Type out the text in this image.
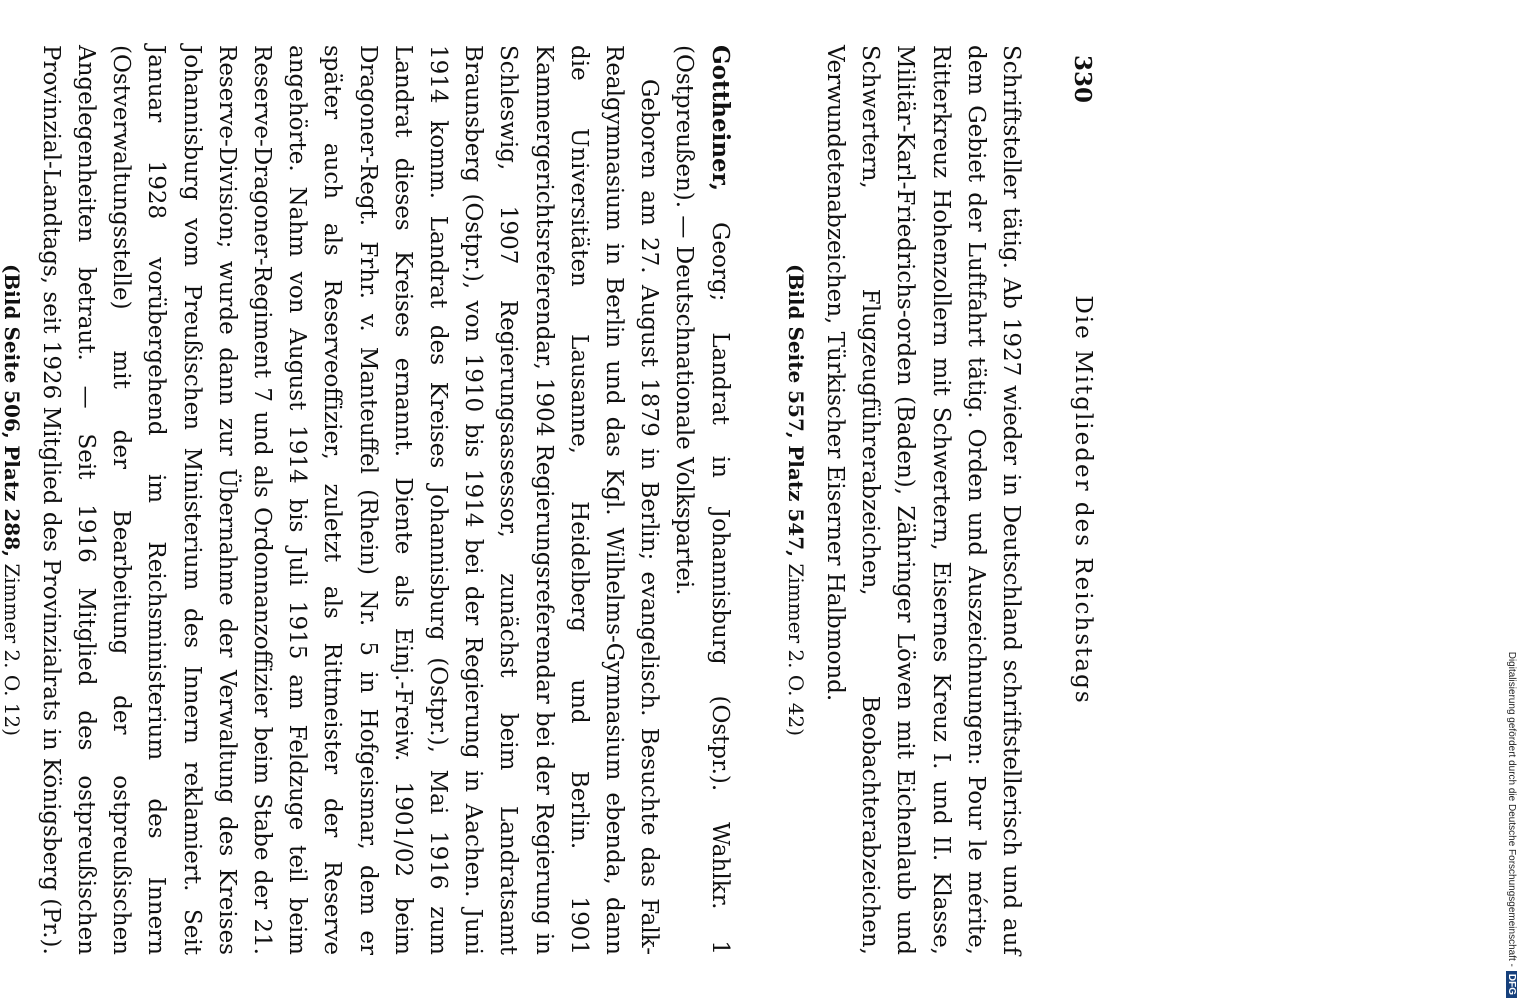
330
Die Mitglieder des Reichstags

Schriftsteller tätig. Ab 1927 wieder in Deutschland schriftstellerisch und auf dem Gebiet der Luftfahrt tätig. Orden und Auszeichnungen: Pour le mérite, Ritterkreuz Hohenzollern mit Schwertern, Eisernes Kreuz I. und II. Klasse, Militär-Karl-Friedrichs-orden (Baden), Zähringer Löwen mit Eichenlaub und Schwertern, Flugzeugführerabzeichen, Beobachterabzeichen, Verwundetenabzeichen, Türkischer Eiserner Halbmond.

(Bild Seite 557, Platz 547, Zimmer 2. O. 42)

Gottheiner, Georg; Landrat in Johannisburg (Ostpr.). Wahlkr. 1 (Ostpreußen). — Deutschnationale Volkspartei.

Geboren am 27. August 1879 in Berlin; evangelisch. Besuchte das Falk-Realgymnasium in Berlin und das Kgl. Wilhelms-Gymnasium ebenda, dann die Universitäten Lausanne, Heidelberg und Berlin. 1901 Kammergerichtsreferendar, 1904 Regierungsreferendar bei der Regierung in Schleswig, 1907 Regierungsassessor, zunächst beim Landratsamt Braunsberg (Ostpr.), von 1910 bis 1914 bei der Regierung in Aachen. Juni 1914 komm. Landrat des Kreises Johannisburg (Ostpr.), Mai 1916 zum Landrat dieses Kreises ernannt. Diente als Einj.-Freiw. 1901/02 beim Dragoner-Regt. Frhr. v. Manteuffel (Rhein) Nr. 5 in Hofgeismar, dem er später auch als Reserveoffizier, zuletzt als Rittmeister der Reserve angehörte. Nahm von August 1914 bis Juli 1915 am Feldzuge teil beim Reserve-Dragoner-Regiment 7 und als Ordonnanzoffizier beim Stabe der 21. Reserve-Division; wurde dann zur Übernahme der Verwaltung des Kreises Johannisburg vom Preußischen Ministerium des Innern reklamiert. Seit Januar 1928 vorübergehend im Reichsministerium des Innern (Ostverwaltungsstelle) mit der Bearbeitung der ostpreußischen Angelegenheiten betraut. — Seit 1916 Mitglied des ostpreußischen Provinzial-Landtags, seit 1926 Mitglied des Provinzialrats in Königsberg (Pr.).

(Bild Seite 506, Platz 288, Zimmer 2. O. 12)

Digitalisierung gefördert durch die Deutsche Forschungsgemeinschaft -DFG
